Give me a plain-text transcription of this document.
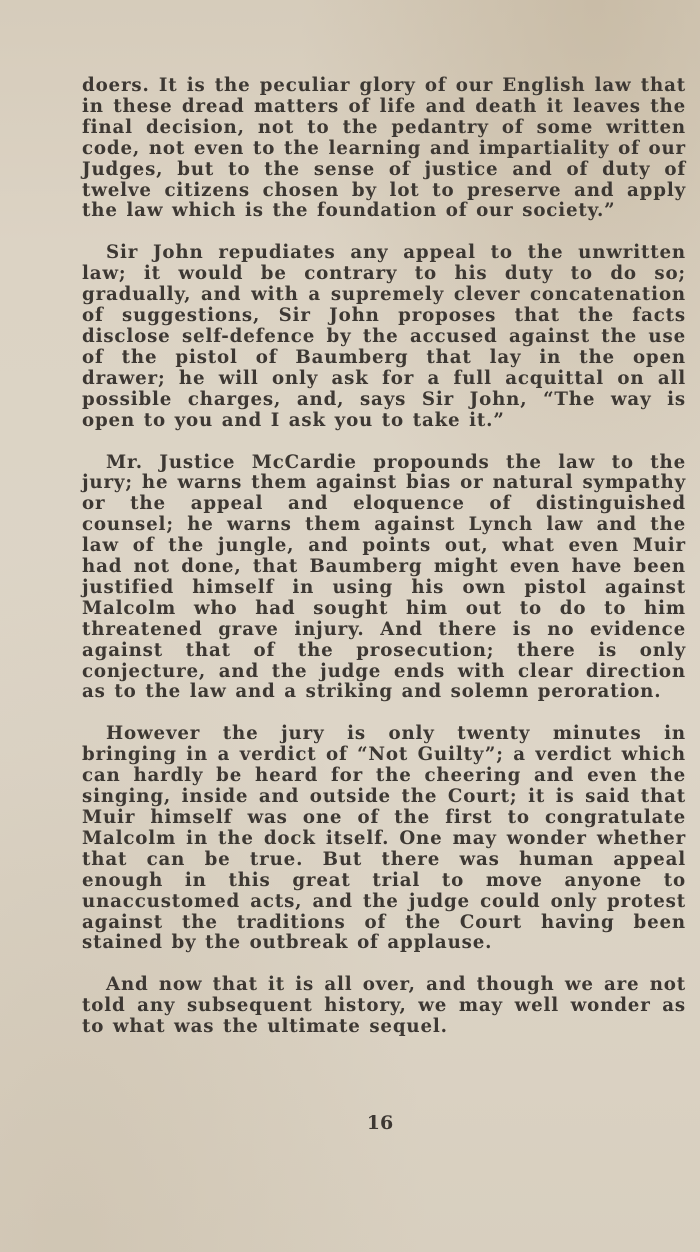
doers. It is the peculiar glory of our English law that in these dread matters of life and death it leaves the final decision, not to the pedantry of some written code, not even to the learning and impartiality of our Judges, but to the sense of justice and of duty of twelve citizens chosen by lot to preserve and apply the law which is the foundation of our society.”

Sir John repudiates any appeal to the unwritten law; it would be contrary to his duty to do so; gradually, and with a supremely clever concatenation of suggestions, Sir John proposes that the facts disclose self-defence by the accused against the use of the pistol of Baumberg that lay in the open drawer; he will only ask for a full acquittal on all possible charges, and, says Sir John, “The way is open to you and I ask you to take it.”

Mr. Justice McCardie propounds the law to the jury; he warns them against bias or natural sympathy or the appeal and eloquence of distinguished counsel; he warns them against Lynch law and the law of the jungle, and points out, what even Muir had not done, that Baumberg might even have been justified himself in using his own pistol against Malcolm who had sought him out to do to him threatened grave injury. And there is no evidence against that of the prosecution; there is only conjecture, and the judge ends with clear direction as to the law and a striking and solemn peroration.

However the jury is only twenty minutes in bringing in a verdict of “Not Guilty”; a verdict which can hardly be heard for the cheering and even the singing, inside and outside the Court; it is said that Muir himself was one of the first to congratulate Malcolm in the dock itself. One may wonder whether that can be true. But there was human appeal enough in this great trial to move anyone to unaccustomed acts, and the judge could only protest against the traditions of the Court having been stained by the outbreak of applause.

And now that it is all over, and though we are not told any subsequent history, we may well wonder as to what was the ultimate sequel.

16
